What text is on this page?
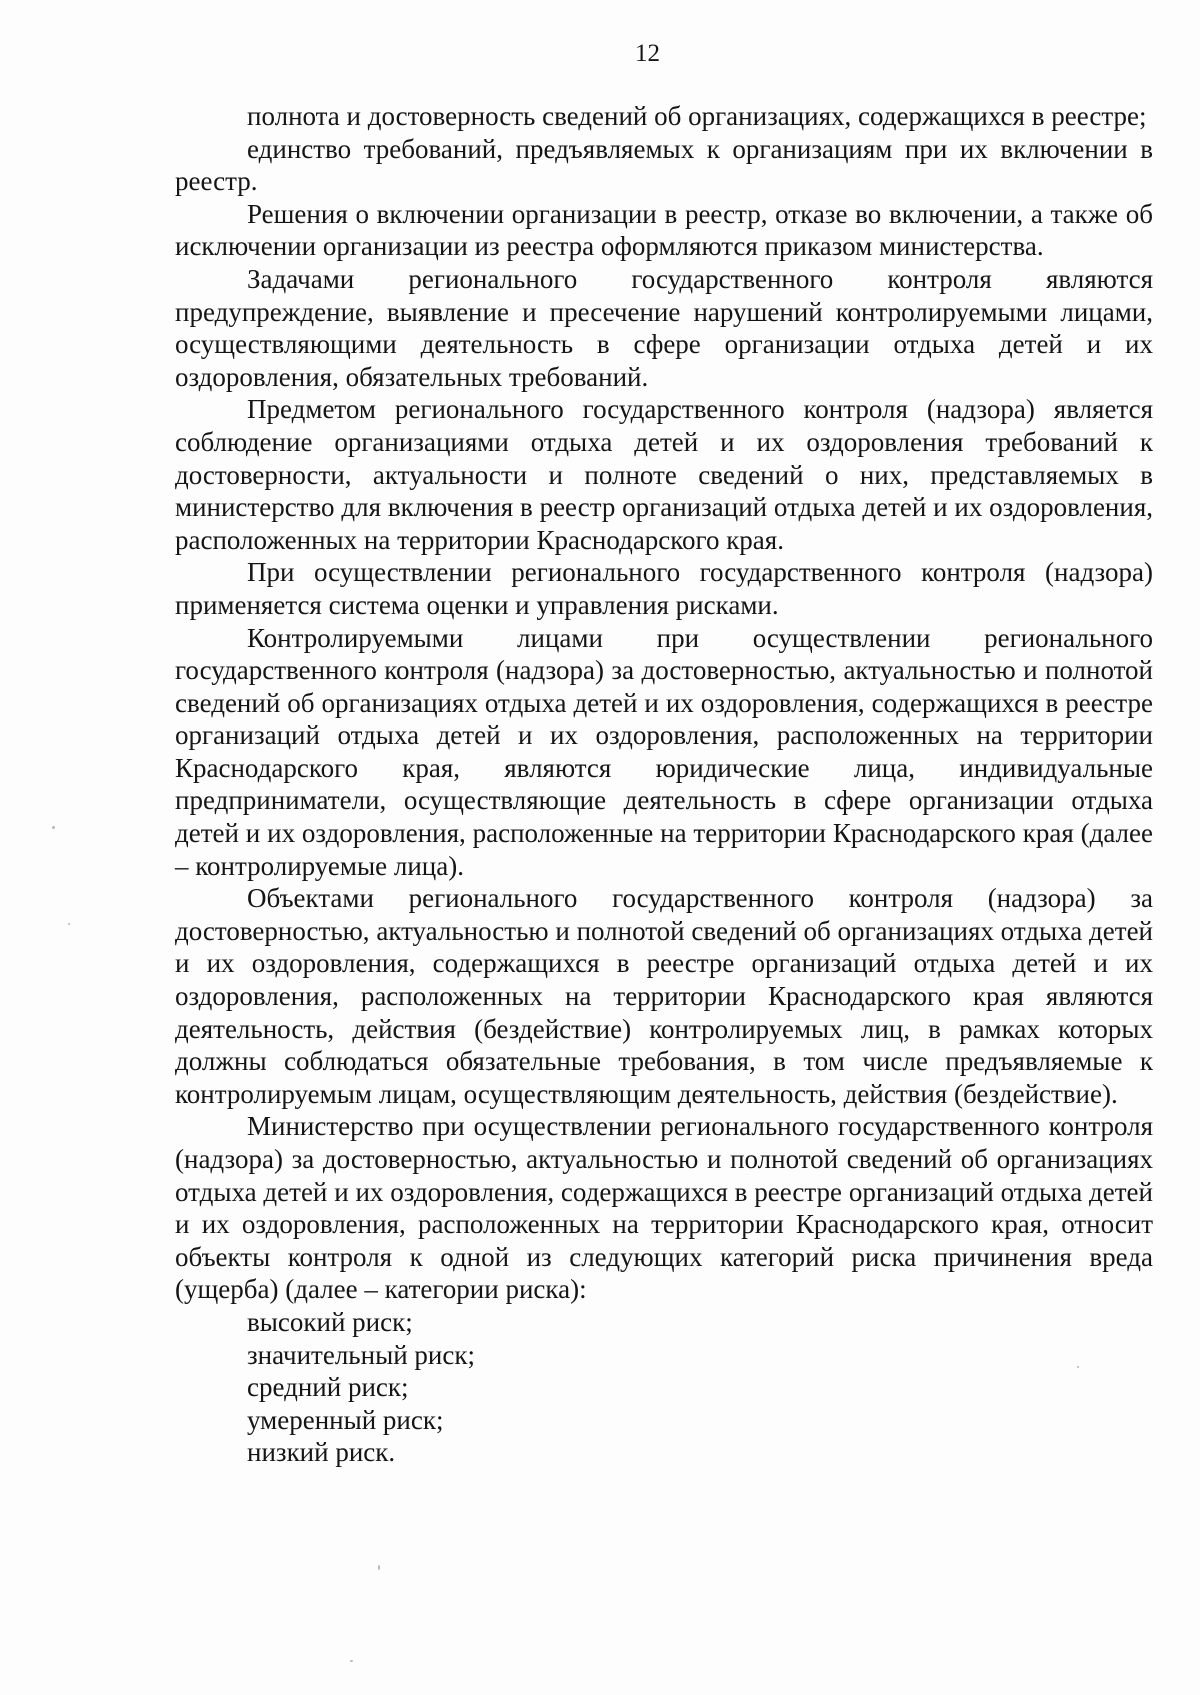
12

полнота и достоверность сведений об организациях, содержащихся в реестре;

единство требований, предъявляемых к организациям при их включении в реестр.

Решения о включении организации в реестр, отказе во включении, а также об исключении организации из реестра оформляются приказом министерства.

Задачами регионального государственного контроля являются предупреждение, выявление и пресечение нарушений контролируемыми лицами, осуществляющими деятельность в сфере организации отдыха детей и их оздоровления, обязательных требований.

Предметом регионального государственного контроля (надзора) является соблюдение организациями отдыха детей и их оздоровления требований к достоверности, актуальности и полноте сведений о них, представляемых в министерство для включения в реестр организаций отдыха детей и их оздоровления, расположенных на территории Краснодарского края.

При осуществлении регионального государственного контроля (надзора) применяется система оценки и управления рисками.

Контролируемыми лицами при осуществлении регионального государственного контроля (надзора) за достоверностью, актуальностью и полнотой сведений об организациях отдыха детей и их оздоровления, содержащихся в реестре организаций отдыха детей и их оздоровления, расположенных на территории Краснодарского края, являются юридические лица, индивидуальные предприниматели, осуществляющие деятельность в сфере организации отдыха детей и их оздоровления, расположенные на территории Краснодарского края (далее – контролируемые лица).

Объектами регионального государственного контроля (надзора) за достоверностью, актуальностью и полнотой сведений об организациях отдыха детей и их оздоровления, содержащихся в реестре организаций отдыха детей и их оздоровления, расположенных на территории Краснодарского края являются деятельность, действия (бездействие) контролируемых лиц, в рамках которых должны соблюдаться обязательные требования, в том числе предъявляемые к контролируемым лицам, осуществляющим деятельность, действия (бездействие).

Министерство при осуществлении регионального государственного контроля (надзора) за достоверностью, актуальностью и полнотой сведений об организациях отдыха детей и их оздоровления, содержащихся в реестре организаций отдыха детей и их оздоровления, расположенных на территории Краснодарского края, относит объекты контроля к одной из следующих категорий риска причинения вреда (ущерба) (далее – категории риска):

высокий риск;
значительный риск;
средний риск;
умеренный риск;
низкий риск.
